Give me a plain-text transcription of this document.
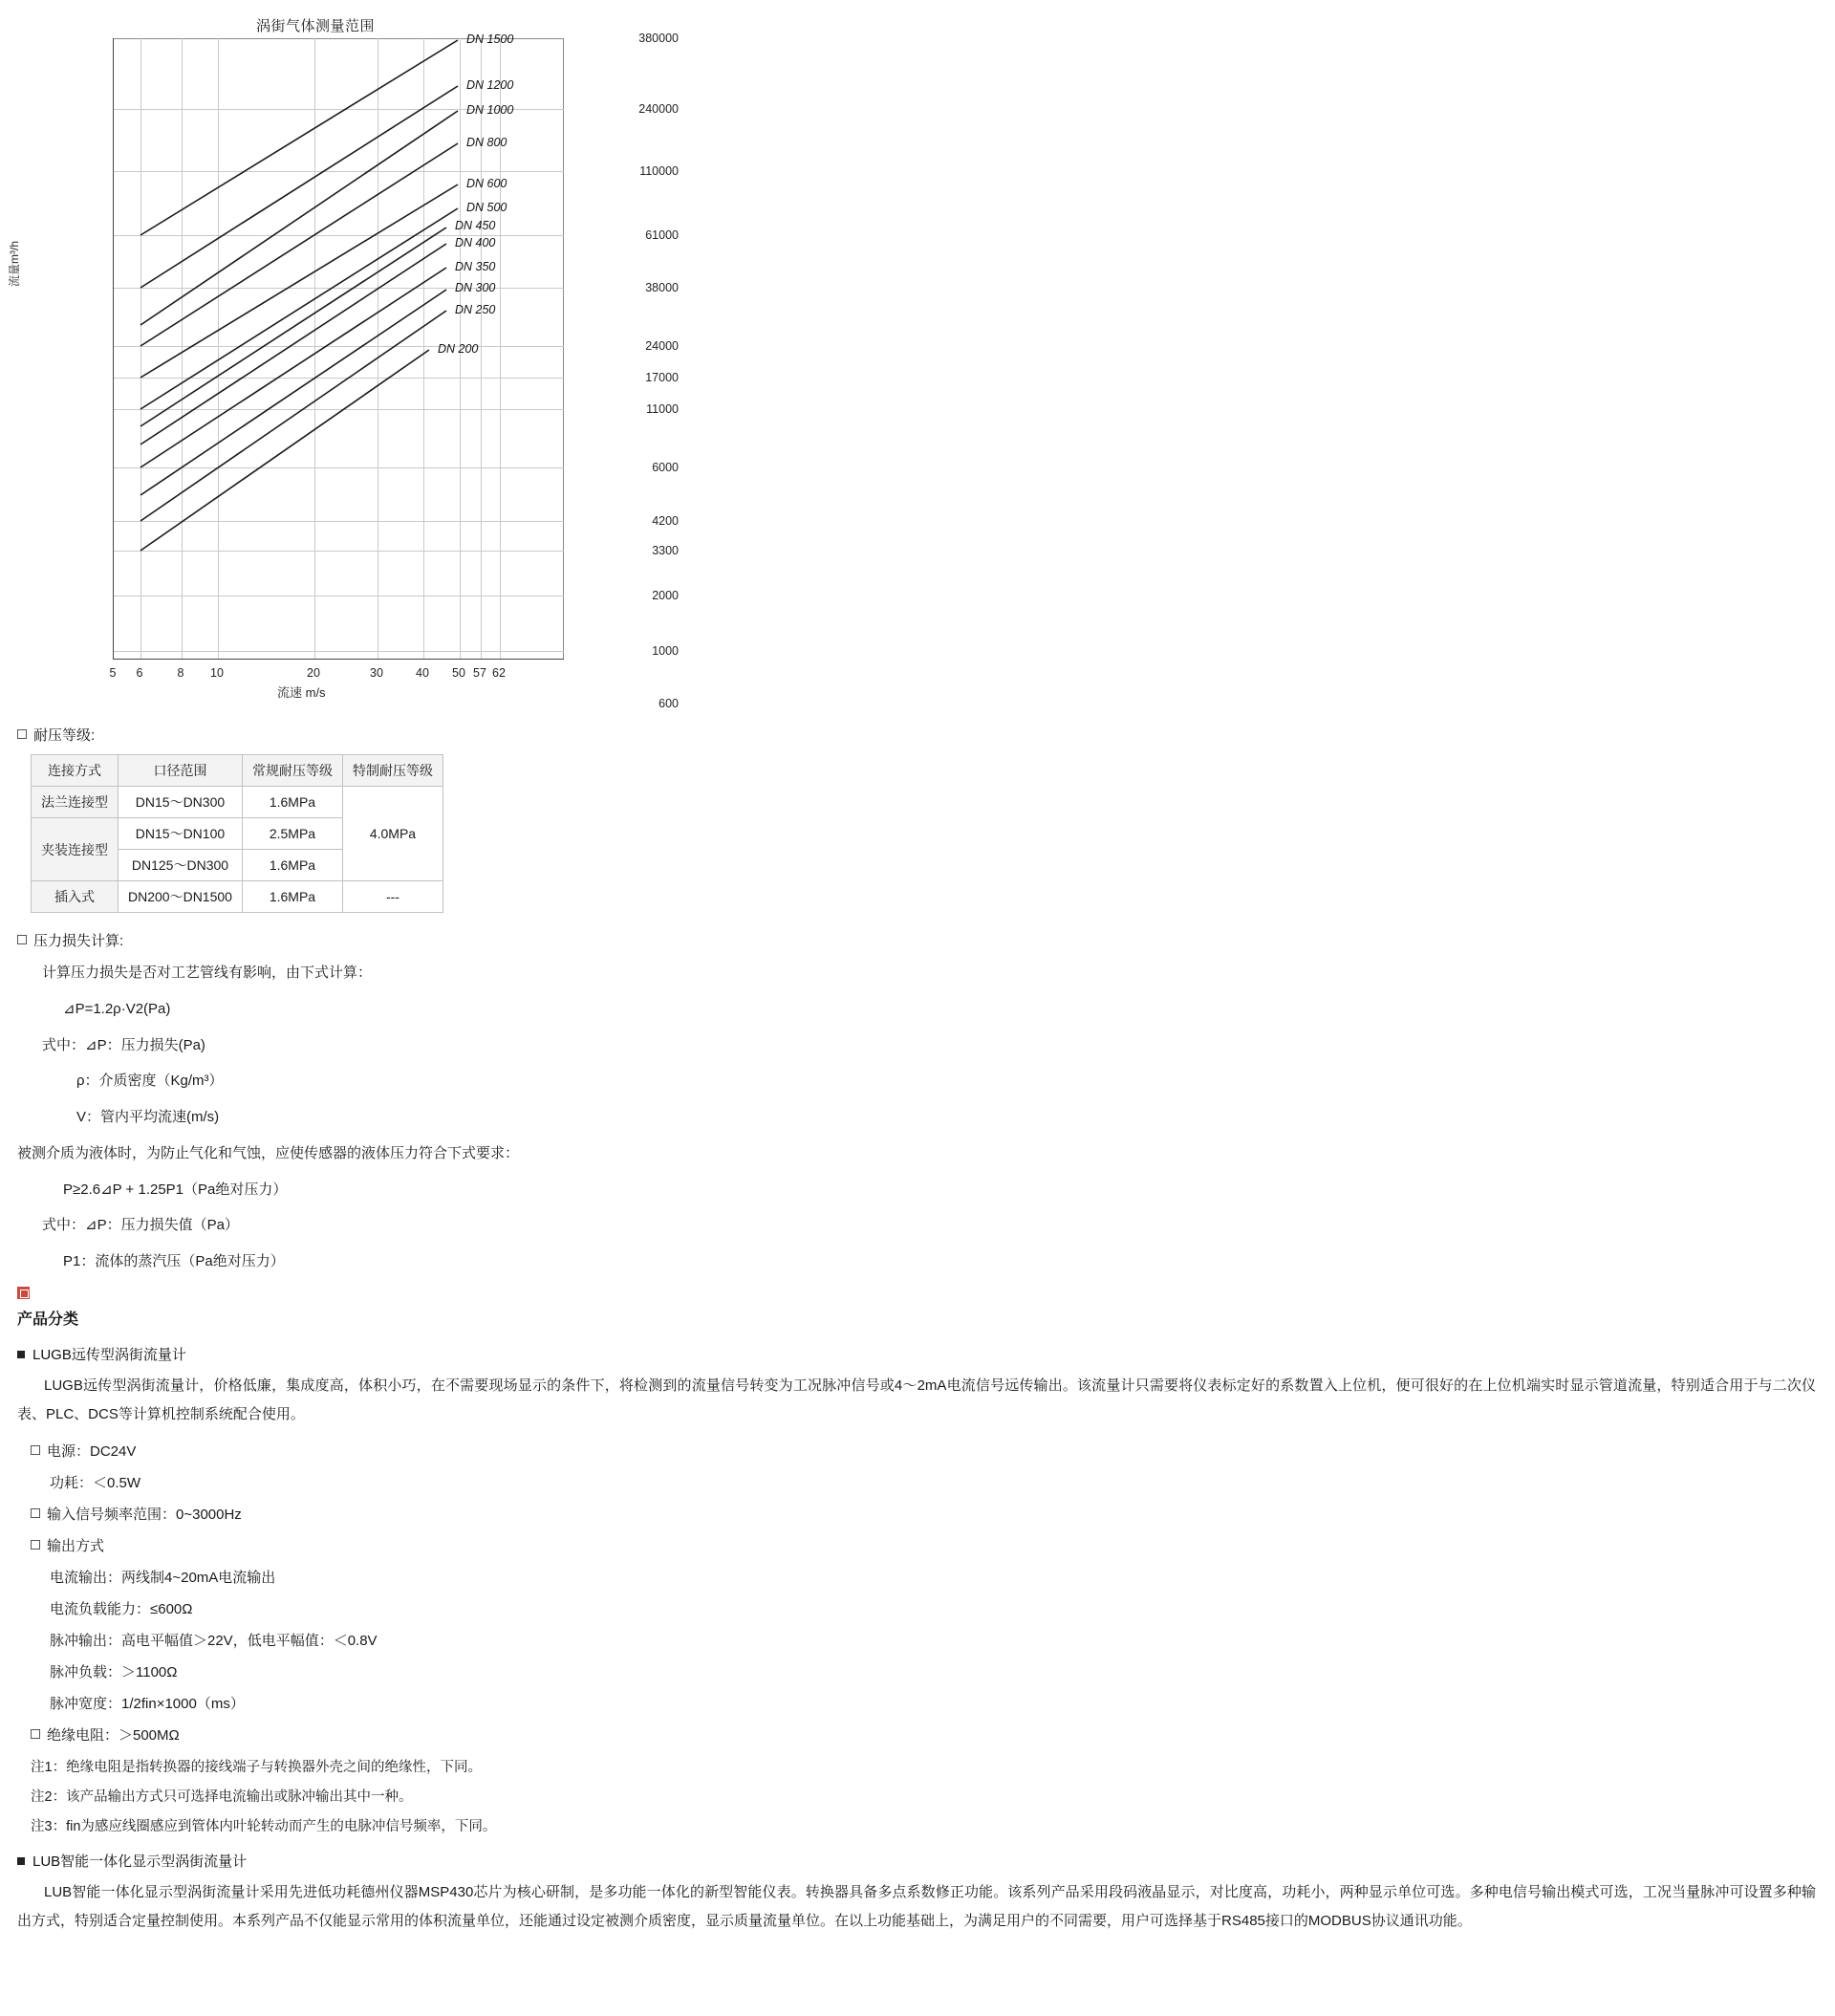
涡街气体测量范围
流量m³/h
流速 m/s
380000
240000
110000
61000
38000
24000
17000
11000
6000
4200
3300
2000
1000
600
5 6	8 10	20	30	40 50 57 62
DN 1500
DN 1200
DN 1000
DN 800
DN 600
DN 500
DN 450
DN 400
DN 350
DN 300
DN 250
DN 200
耐压等级:
连接方式	口径范围	常规耐压等级	特制耐压等级
法兰连接型	DN15～DN300	1.6MPa	4.0MPa
夹装连接型	DN15～DN100	2.5MPa	
	DN125～DN300	1.6MPa	
插入式	DN200～DN1500	1.6MPa	---
压力损失计算:

计算压力损失是否对工艺管线有影响，由下式计算：

⊿P=1.2ρ·V2(Pa)

式中：⊿P：压力损失(Pa)

ρ：介质密度（Kg/m³）

V：管内平均流速(m/s)

被测介质为液体时，为防止气化和气蚀，应使传感器的液体压力符合下式要求：

P≥2.6⊿P + 1.25P1（Pa绝对压力）

式中：⊿P：压力损失值（Pa）

P1：流体的蒸汽压（Pa绝对压力）

产品分类
LUGB远传型涡街流量计

LUGB远传型涡街流量计，价格低廉，集成度高，体积小巧，在不需要现场显示的条件下，将检测到的流量信号转变为工况脉冲信号或4～2mA电流信号远传输出。该流量计只需要将仪表标定好的系数置入上位机，便可很好的在上位机端实时显示管道流量，特别适合用于与二次仪表、PLC、DCS等计算机控制系统配合使用。

电源：DC24V
功耗：＜0.5W
输入信号频率范围：0~3000Hz
输出方式
电流输出：两线制4~20mA电流输出
电流负载能力：≤600Ω
脉冲输出：高电平幅值＞22V，低电平幅值：＜0.8V
脉冲负载：＞1100Ω
脉冲宽度：1/2fin×1000（ms）
绝缘电阻：＞500MΩ
注1：绝缘电阻是指转换器的接线端子与转换器外壳之间的绝缘性，下同。
注2：该产品输出方式只可选择电流输出或脉冲输出其中一种。
注3：fin为感应线圈感应到管体内叶轮转动而产生的电脉冲信号频率，下同。
LUB智能一体化显示型涡街流量计

LUB智能一体化显示型涡街流量计采用先进低功耗德州仪器MSP430芯片为核心研制，是多功能一体化的新型智能仪表。转换器具备多点系数修正功能。该系列产品采用段码液晶显示，对比度高，功耗小，两种显示单位可选。多种电信号输出模式可选，工况当量脉冲可设置多种输出方式，特别适合定量控制使用。本系列产品不仅能显示常用的体积流量单位，还能通过设定被测介质密度，显示质量流量单位。在以上功能基础上，为满足用户的不同需要，用户可选择基于RS485接口的MODBUS协议通讯功能。
